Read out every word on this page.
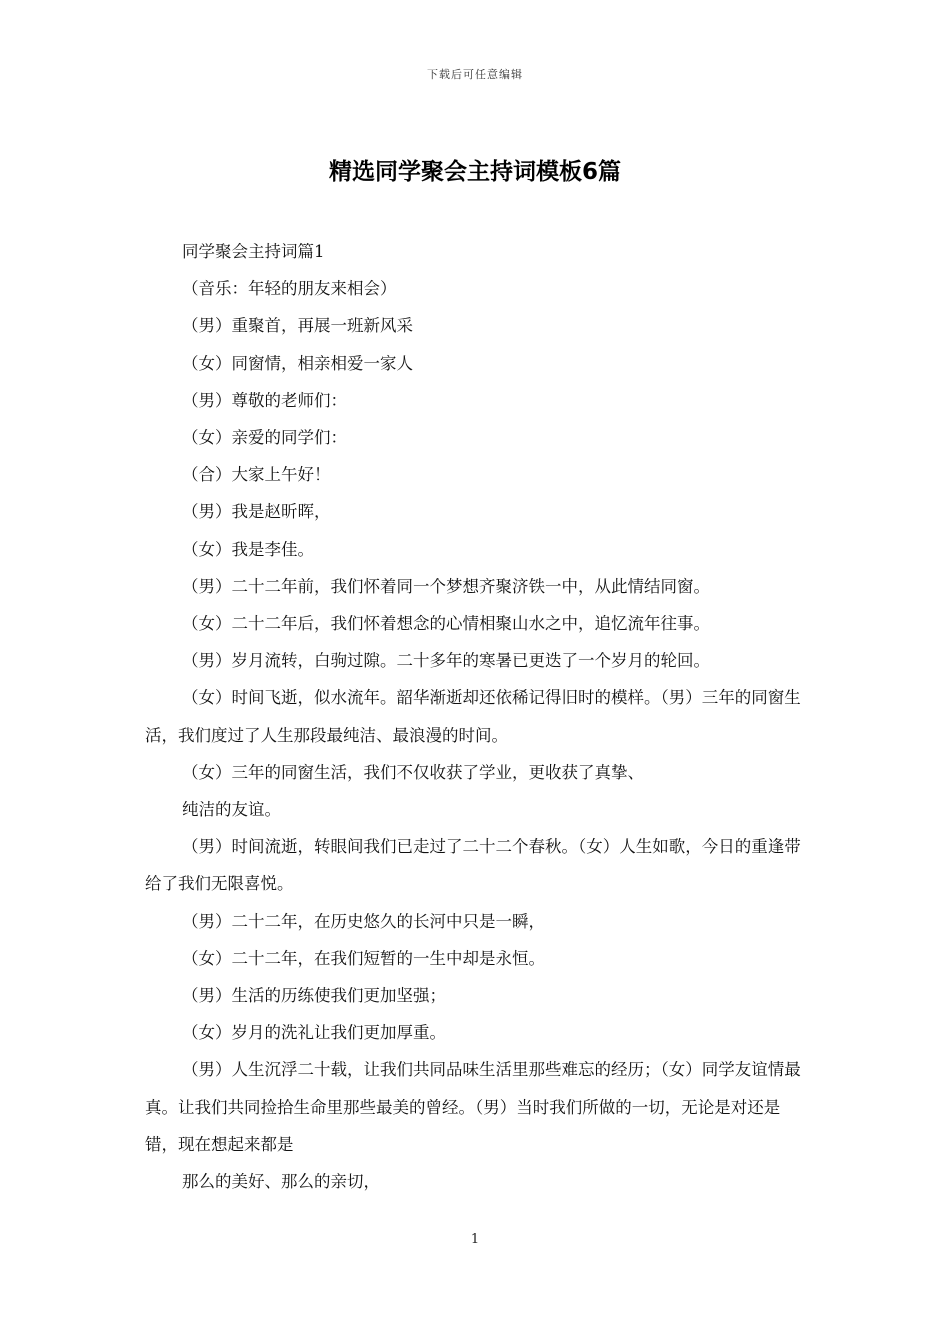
下载后可任意编辑
精选同学聚会主持词模板6篇

同学聚会主持词篇1

（音乐：年轻的朋友来相会）

（男）重聚首，再展一班新风采

（女）同窗情，相亲相爱一家人

（男）尊敬的老师们：

（女）亲爱的同学们：

（合）大家上午好！

（男）我是赵昕晖，

（女）我是李佳。

（男）二十二年前，我们怀着同一个梦想齐聚济铁一中，从此情结同窗。

（女）二十二年后，我们怀着想念的心情相聚山水之中，追忆流年往事。

（男）岁月流转，白驹过隙。二十多年的寒暑已更迭了一个岁月的轮回。

（女）时间飞逝，似水流年。韶华渐逝却还依稀记得旧时的模样。（男）三年的同窗生活，我们度过了人生那段最纯洁、最浪漫的时间。

（女）三年的同窗生活，我们不仅收获了学业，更收获了真挚、

纯洁的友谊。

（男）时间流逝，转眼间我们已走过了二十二个春秋。（女）人生如歌，今日的重逢带给了我们无限喜悦。

（男）二十二年，在历史悠久的长河中只是一瞬，

（女）二十二年，在我们短暂的一生中却是永恒。

（男）生活的历练使我们更加坚强；

（女）岁月的洗礼让我们更加厚重。

（男）人生沉浮二十载，让我们共同品味生活里那些难忘的经历；（女）同学友谊情最真。让我们共同捡拾生命里那些最美的曾经。（男）当时我们所做的一切，无论是对还是错，现在想起来都是

那么的美好、那么的亲切，

1
